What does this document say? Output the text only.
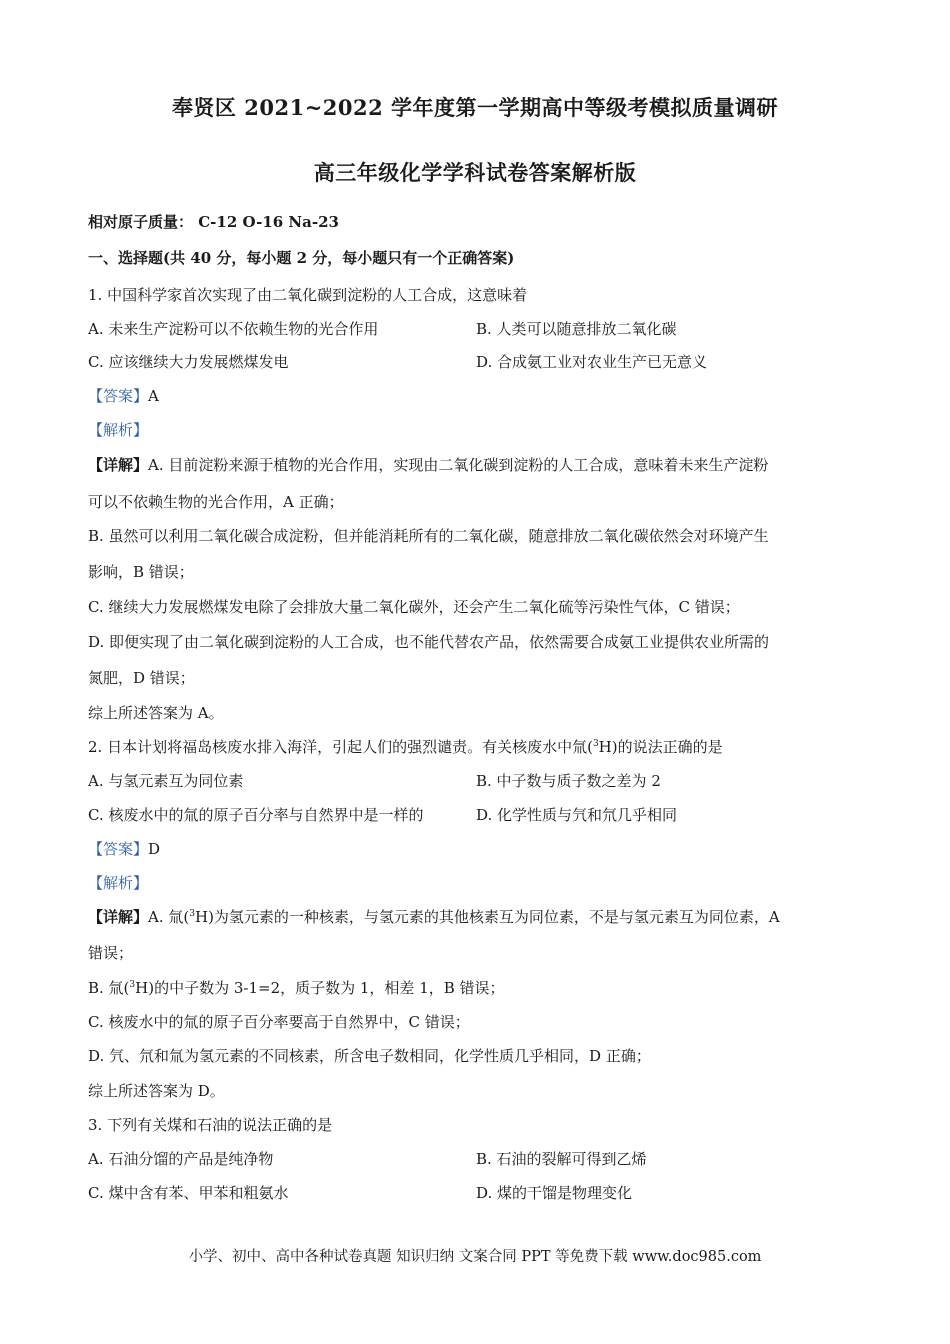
奉贤区 2021~2022 学年度第一学期高中等级考模拟质量调研
高三年级化学学科试卷答案解析版
相对原子质量： C-12 O-16 Na-23
一、选择题(共 40 分，每小题 2 分，每小题只有一个正确答案)
1. 中国科学家首次实现了由二氧化碳到淀粉的人工合成，这意味着
A. 未来生产淀粉可以不依赖生物的光合作用	B. 人类可以随意排放二氧化碳
C. 应该继续大力发展燃煤发电	D. 合成氨工业对农业生产已无意义
【答案】A
【解析】
【详解】A. 目前淀粉来源于植物的光合作用，实现由二氧化碳到淀粉的人工合成，意味着未来生产淀粉
可以不依赖生物的光合作用，A 正确；
B. 虽然可以利用二氧化碳合成淀粉，但并能消耗所有的二氧化碳，随意排放二氧化碳依然会对环境产生
影响，B 错误；
C. 继续大力发展燃煤发电除了会排放大量二氧化碳外，还会产生二氧化硫等污染性气体，C 错误；
D. 即便实现了由二氧化碳到淀粉的人工合成，也不能代替农产品，依然需要合成氨工业提供农业所需的
氮肥，D 错误；
综上所述答案为 A。
2. 日本计划将福岛核废水排入海洋，引起人们的强烈谴责。有关核废水中氚($^3$H)的说法正确的是
A. 与氢元素互为同位素	B. 中子数与质子数之差为 2
C. 核废水中的氚的原子百分率与自然界中是一样的	D. 化学性质与氕和氘几乎相同
【答案】D
【解析】
【详解】A. 氚($^3$H)为氢元素的一种核素，与氢元素的其他核素互为同位素，不是与氢元素互为同位素，A
错误；
B. 氚($^3$H)的中子数为 3-1=2，质子数为 1，相差 1，B 错误；
C. 核废水中的氚的原子百分率要高于自然界中，C 错误；
D. 氕、氘和氚为氢元素的不同核素，所含电子数相同，化学性质几乎相同，D 正确；
综上所述答案为 D。
3. 下列有关煤和石油的说法正确的是
A. 石油分馏的产品是纯净物	B. 石油的裂解可得到乙烯
C. 煤中含有苯、甲苯和粗氨水	D. 煤的干馏是物理变化
小学、初中、高中各种试卷真题 知识归纳 文案合同 PPT 等免费下载 www.doc985.com
